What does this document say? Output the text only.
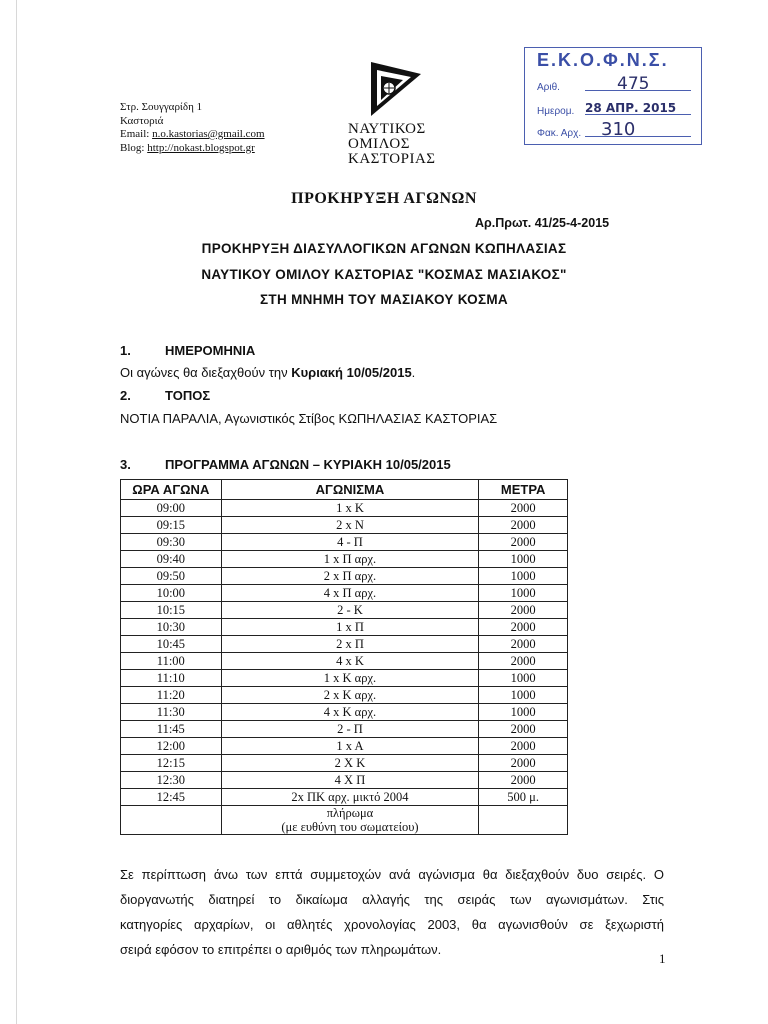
Στρ. Σουγγαρίδη 1
Καστοριά
Email: n.o.kastorias@gmail.com
Blog: http://nokast.blogspot.gr
ΝΑΥΤΙΚΟΣ
ΟΜΙΛΟΣ
ΚΑΣΤΟΡΙΑΣ
Ε.Κ.Ο.Φ.Ν.Σ.
Αριθ.	475
Ημερομ. 28 ΑΠΡ. 2015
Φακ. Αρχ.	310
ΠΡΟΚΗΡΥΞΗ ΑΓΩΝΩΝ
Αρ.Πρωτ. 41/25-4-2015
ΠΡΟΚΗΡΥΞΗ ΔΙΑΣΥΛΛΟΓΙΚΩΝ ΑΓΩΝΩΝ ΚΩΠΗΛΑΣΙΑΣ
ΝΑΥΤΙΚΟΥ ΟΜΙΛΟΥ ΚΑΣΤΟΡΙΑΣ "ΚΟΣΜΑΣ ΜΑΣΙΑΚΟΣ"
ΣΤΗ ΜΝΗΜΗ ΤΟΥ ΜΑΣΙΑΚΟΥ ΚΟΣΜΑ
1.	ΗΜΕΡΟΜΗΝΙΑ
Οι αγώνες θα διεξαχθούν την Κυριακή 10/05/2015.
2.	ΤΟΠΟΣ
ΝΟΤΙΑ ΠΑΡΑΛΙΑ, Αγωνιστικός Στίβος ΚΩΠΗΛΑΣΙΑΣ ΚΑΣΤΟΡΙΑΣ
3.	ΠΡΟΓΡΑΜΜΑ ΑΓΩΝΩΝ – ΚΥΡΙΑΚΗ 10/05/2015
ΩΡΑ ΑΓΩΝΑ	ΑΓΩΝΙΣΜΑ	ΜΕΤΡΑ
09:00	1 x K	2000
09:15	2 x N	2000
09:30	4 - Π	2000
09:40	1 x Π αρχ.	1000
09:50	2 x Π αρχ.	1000
10:00	4 x Π αρχ.	1000
10:15	2 - K	2000
10:30	1 x Π	2000
10:45	2 x Π	2000
11:00	4 x K	2000
11:10	1 x K αρχ.	1000
11:20	2 x K αρχ.	1000
11:30	4 x K αρχ.	1000
11:45	2 - Π	2000
12:00	1 x A	2000
12:15	2 X K	2000
12:30	4 X Π	2000
12:45	2x ΠΚ αρχ. μικτό 2004	500 μ.

	πλήρωμα
(με ευθύνη του σωματείου)	

Σε περίπτωση άνω των επτά συμμετοχών ανά αγώνισμα θα διεξαχθούν δυο σειρές. Ο
διοργανωτής διατηρεί το δικαίωμα αλλαγής της σειράς των αγωνισμάτων. Στις
κατηγορίες αρχαρίων, οι αθλητές χρονολογίας 2003, θα αγωνισθούν σε ξεχωριστή
σειρά εφόσον το επιτρέπει ο αριθμός των πληρωμάτων.
1
